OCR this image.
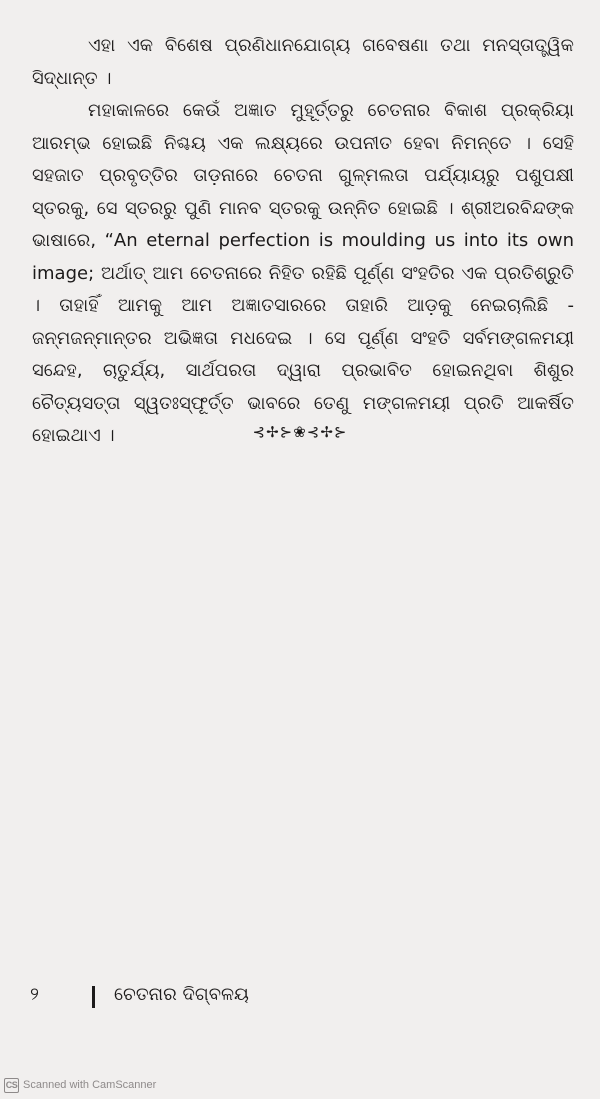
ଏହା ଏକ ବିଶେଷ ପ୍ରଣିଧାନଯୋଗ୍ୟ ଗବେଷଣା ତଥା ମନସ୍ତାତ୍ତ୍ୱିକ ସିଦ୍ଧାନ୍ତ ।

ମହାକାଳରେ କେଉଁ ଅଜ୍ଞାତ ମୁହୂର୍ତ୍ତରୁ ଚେତନାର ବିକାଶ ପ୍ରକ୍ରିୟା ଆରମ୍ଭ ହୋଇଛି ନିଶ୍ଚୟ ଏକ ଲକ୍ଷ୍ୟରେ ଉପନୀତ ହେବା ନିମନ୍ତେ । ସେହି ସହଜାତ ପ୍ରବୃତ୍ତିର ତାଡ଼ନାରେ ଚେତନା ଗୁଳ୍ମଲତା ପର୍ଯ୍ୟାୟରୁ ପଶୁପକ୍ଷୀ ସ୍ତରକୁ, ସେ ସ୍ତରରୁ ପୁଣି ମାନବ ସ୍ତରକୁ ଉନ୍ନିତ ହୋଇଛି । ଶ୍ରୀଅରବିନ୍ଦଙ୍କ ଭାଷାରେ, “An eternal perfection is moulding us into its own image; ଅର୍ଥାତ୍ ଆମ ଚେତନାରେ ନିହିତ ରହିଛି ପୂର୍ଣ୍ଣ ସଂହତିର ଏକ ପ୍ରତିଶ୍ରୁତି । ତାହାହିଁ ଆମକୁ ଆମ ଅଜ୍ଞାତସାରରେ ତାହାରି ଆଡ଼କୁ ନେଇଚାଲିଛି - ଜନ୍ମଜନ୍ମାନ୍ତର ଅଭିଜ୍ଞତା ମଧଦେଇ । ସେ ପୂର୍ଣ୍ଣ ସଂହତି ସର୍ବମଙ୍ଗଳମୟୀ ସନ୍ଦେହ, ଚାତୁର୍ଯ୍ୟ, ସାର୍ଥପରତା ଦ୍ୱାରା ପ୍ରଭାବିତ ହୋଇନଥିବା ଶିଶୁର ଚୈତ୍ୟସତ୍ତା ସ୍ୱତଃସ୍ଫୂର୍ତ୍ତ ଭାବରେ ତେଣୁ ମଙ୍ଗଳମୟୀ ପ୍ରତି ଆକର୍ଷିତ ହୋଇଥାଏ ।	⊰✢⊱❀⊰✢⊱
୨	ଚେତନାର ଦିଗ୍‌ବଳୟ
CS Scanned with CamScanner
